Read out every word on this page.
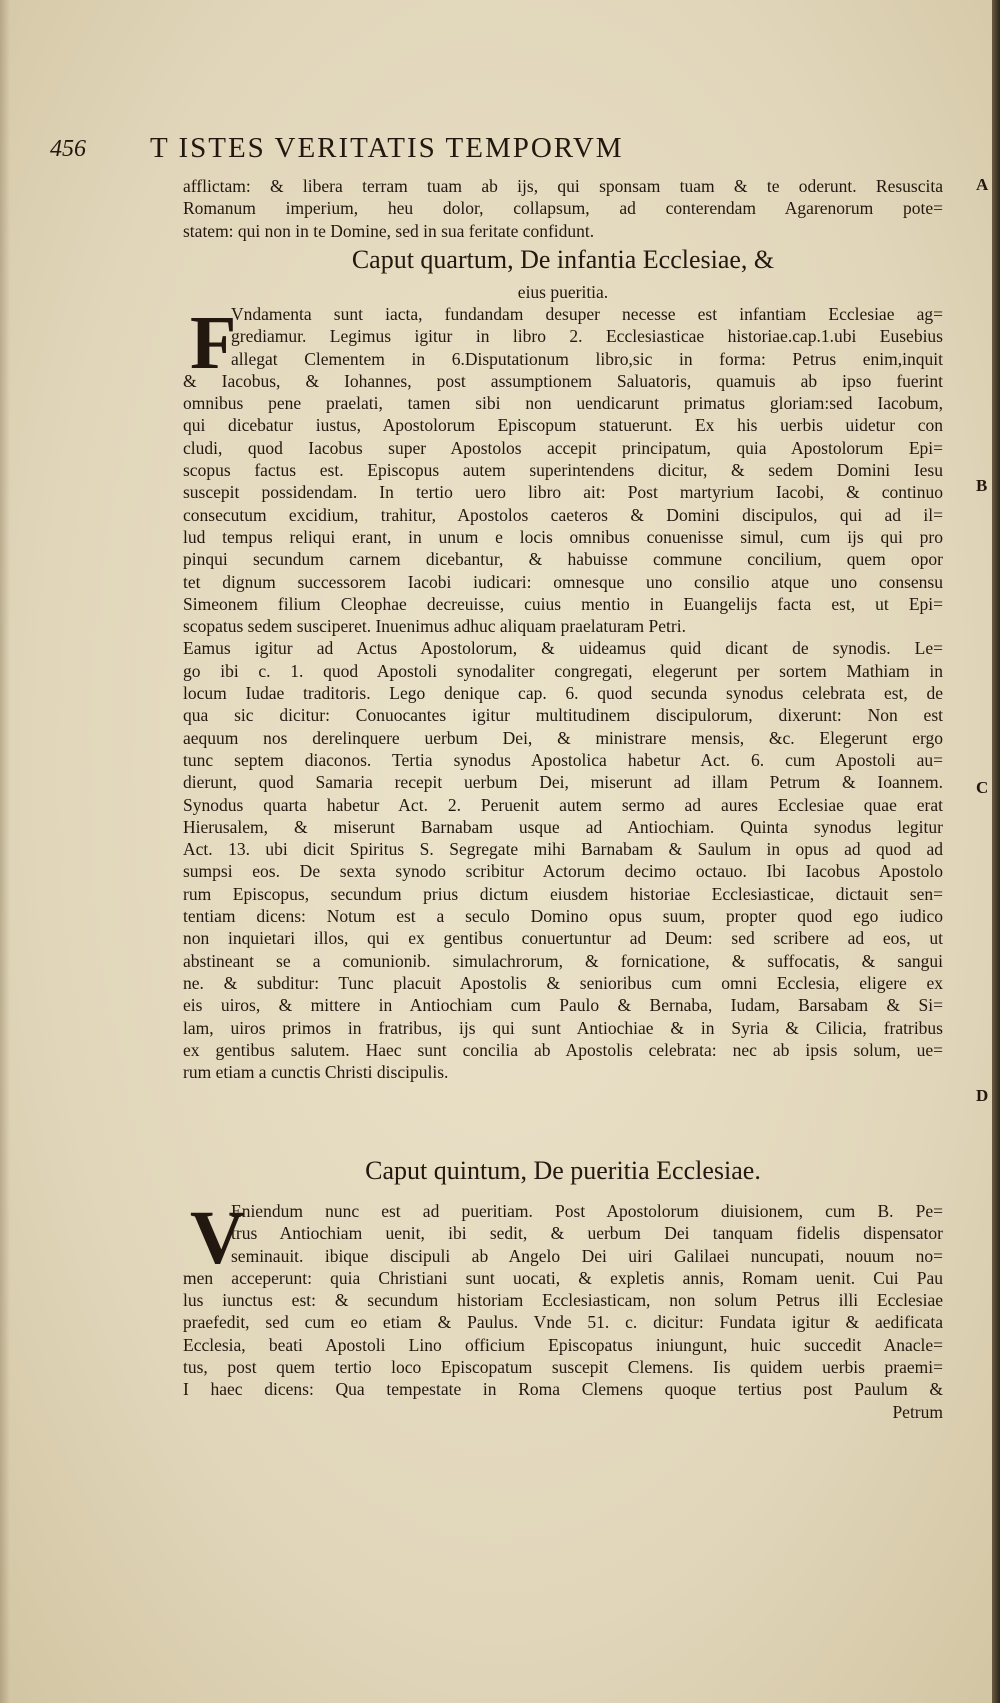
456 T ISTES VERITATIS TEMPORVM
afflictam: & libera terram tuam ab ijs, qui sponsam tuam & te oderunt. Resuscita
Romanum imperium, heu dolor, collapsum, ad conterendam Agarenorum pote=
statem: qui non in te Domine, sed in sua feritate confidunt.
A
Caput quartum, De infantia Ecclesiae, &
eius pueritia.
F
Vndamenta sunt iacta, fundandam desuper necesse est infantiam Ecclesiae ag=
grediamur. Legimus igitur in libro 2. Ecclesiasticae historiae.cap.1.ubi Eusebius
allegat Clementem in 6.Disputationum libro,sic in forma: Petrus enim,inquit
& Iacobus, & Iohannes, post assumptionem Saluatoris, quamuis ab ipso fuerint
omnibus pene praelati, tamen sibi non uendicarunt primatus gloriam:sed Iacobum,
qui dicebatur iustus, Apostolorum Episcopum statuerunt. Ex his uerbis uidetur con
cludi, quod Iacobus super Apostolos accepit principatum, quia Apostolorum Epi=
scopus factus est. Episcopus autem superintendens dicitur, & sedem Domini Iesu
suscepit possidendam. In tertio uero libro ait: Post martyrium Iacobi, & continuo
consecutum excidium, trahitur, Apostolos caeteros & Domini discipulos, qui ad il=
lud tempus reliqui erant, in unum e locis omnibus conuenisse simul, cum ijs qui pro
pinqui secundum carnem dicebantur, & habuisse commune concilium, quem opor
tet dignum successorem Iacobi iudicari: omnesque uno consilio atque uno consensu
Simeonem filium Cleophae decreuisse, cuius mentio in Euangelijs facta est, ut Epi=
scopatus sedem susciperet. Inuenimus adhuc aliquam praelaturam Petri.
Eamus igitur ad Actus Apostolorum, & uideamus quid dicant de synodis. Le=
go ibi c. 1. quod Apostoli synodaliter congregati, elegerunt per sortem Mathiam in
locum Iudae traditoris. Lego denique cap. 6. quod secunda synodus celebrata est, de
qua sic dicitur: Conuocantes igitur multitudinem discipulorum, dixerunt: Non est
aequum nos derelinquere uerbum Dei, & ministrare mensis, &c. Elegerunt ergo
tunc septem diaconos. Tertia synodus Apostolica habetur Act. 6. cum Apostoli au=
dierunt, quod Samaria recepit uerbum Dei, miserunt ad illam Petrum & Ioannem.
Synodus quarta habetur Act. 2. Peruenit autem sermo ad aures Ecclesiae quae erat
Hierusalem, & miserunt Barnabam usque ad Antiochiam. Quinta synodus legitur
Act. 13. ubi dicit Spiritus S. Segregate mihi Barnabam & Saulum in opus ad quod ad
sumpsi eos. De sexta synodo scribitur Actorum decimo octauo. Ibi Iacobus Apostolo
rum Episcopus, secundum prius dictum eiusdem historiae Ecclesiasticae, dictauit sen=
tentiam dicens: Notum est a seculo Domino opus suum, propter quod ego iudico
non inquietari illos, qui ex gentibus conuertuntur ad Deum: sed scribere ad eos, ut
abstineant se a comunionib. simulachrorum, & fornicatione, & suffocatis, & sangui
ne. & subditur: Tunc placuit Apostolis & senioribus cum omni Ecclesia, eligere ex
eis uiros, & mittere in Antiochiam cum Paulo & Bernaba, Iudam, Barsabam & Si=
lam, uiros primos in fratribus, ijs qui sunt Antiochiae & in Syria & Cilicia, fratribus
ex gentibus salutem. Haec sunt concilia ab Apostolis celebrata: nec ab ipsis solum, ue=
rum etiam a cunctis Christi discipulis.
B
C
D
Caput quintum, De pueritia Ecclesiae.
V
Eniendum nunc est ad pueritiam. Post Apostolorum diuisionem, cum B. Pe=
trus Antiochiam uenit, ibi sedit, & uerbum Dei tanquam fidelis dispensator
seminauit. ibique discipuli ab Angelo Dei uiri Galilaei nuncupati, nouum no=
men acceperunt: quia Christiani sunt uocati, & expletis annis, Romam uenit. Cui Pau
lus iunctus est: & secundum historiam Ecclesiasticam, non solum Petrus illi Ecclesiae
praefedit, sed cum eo etiam & Paulus. Vnde 51. c. dicitur: Fundata igitur & aedificata
Ecclesia, beati Apostoli Lino officium Episcopatus iniungunt, huic succedit Anacle=
tus, post quem tertio loco Episcopatum suscepit Clemens. Iis quidem uerbis praemi=
I haec dicens: Qua tempestate in Roma Clemens quoque tertius post Paulum &
Petrum
